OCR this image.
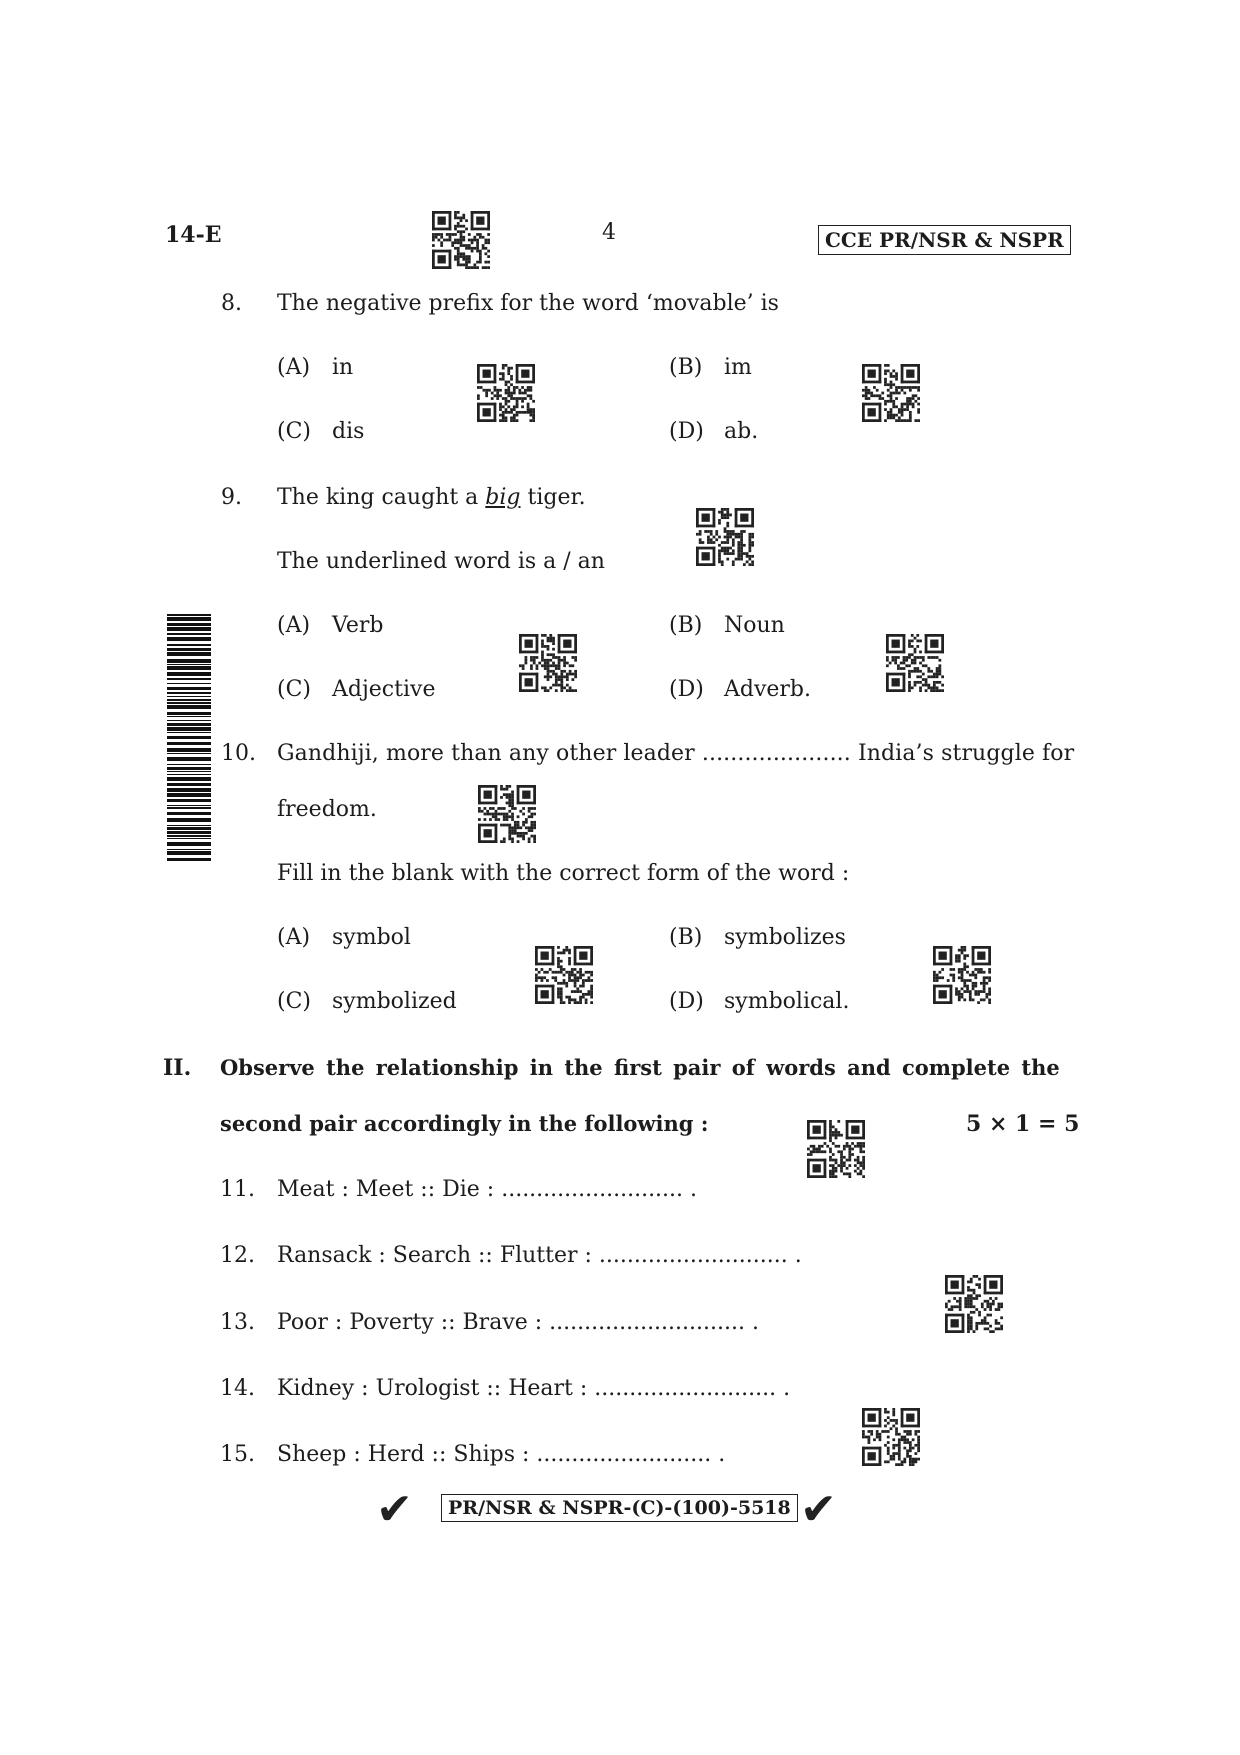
14-E	4	CCE PR/NSR & NSPR
8. The negative prefix for the word ‘movable’ is
(A) in	(B) im
(C) dis	(D) ab.
9. The king caught a big tiger.
The underlined word is a / an
(A) Verb	(B) Noun
(C) Adjective	(D) Adverb.
10. Gandhiji, more than any other leader ..................... India’s struggle for
freedom.
Fill in the blank with the correct form of the word :
(A) symbol	(B) symbolizes
(C) symbolized	(D) symbolical.
II. Observe the relationship in the first pair of words and complete the
second pair accordingly in the following :	5 × 1 = 5
11. Meat : Meet :: Die : .......................... .
12. Ransack : Search :: Flutter : ........................... .
13. Poor : Poverty :: Brave : ............................ .
14. Kidney : Urologist :: Heart : .......................... .
15. Sheep : Herd :: Ships : ......................... .
✔	PR/NSR & NSPR-(C)-(100)-5518 ✔
